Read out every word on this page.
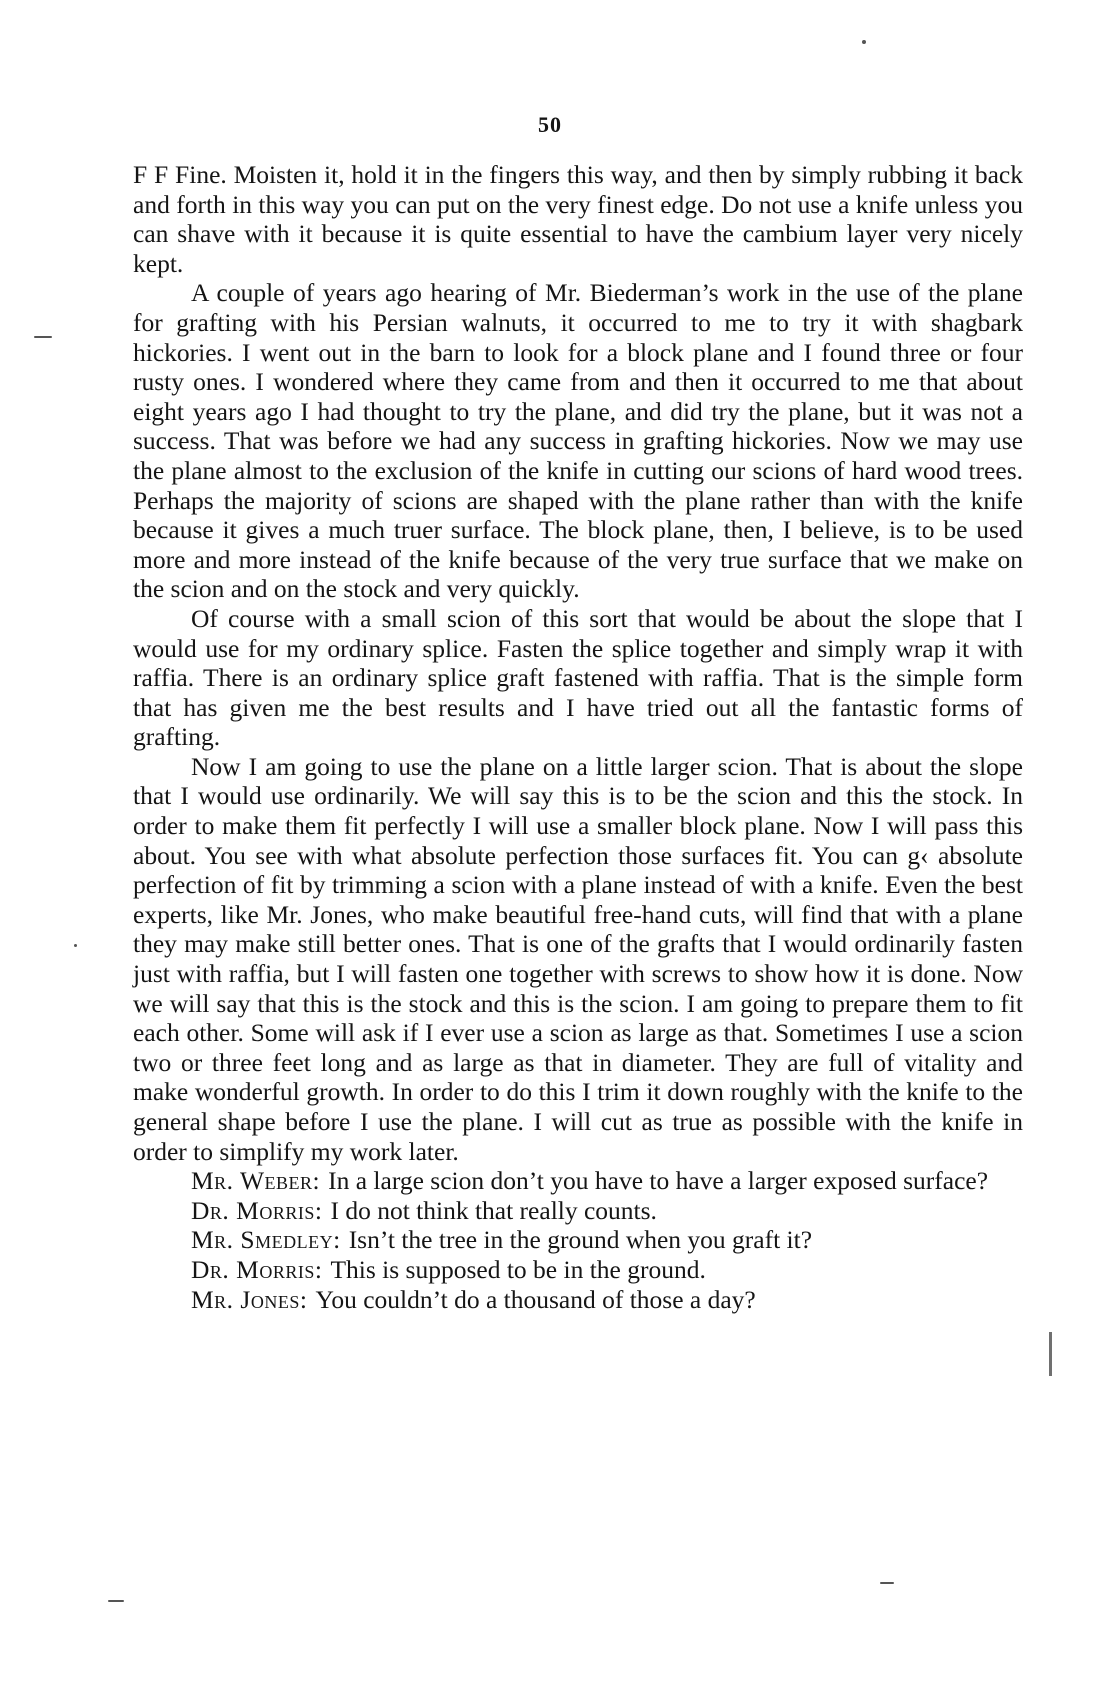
50

F F Fine. Moisten it, hold it in the fingers this way, and then by simply rubbing it back and forth in this way you can put on the very finest edge. Do not use a knife unless you can shave with it because it is quite essential to have the cambium layer very nicely kept.

A couple of years ago hearing of Mr. Biederman’s work in the use of the plane for grafting with his Persian walnuts, it occurred to me to try it with shagbark hickories. I went out in the barn to look for a block plane and I found three or four rusty ones. I wondered where they came from and then it occurred to me that about eight years ago I had thought to try the plane, and did try the plane, but it was not a success. That was before we had any success in grafting hickories. Now we may use the plane almost to the exclusion of the knife in cutting our scions of hard wood trees. Perhaps the majority of scions are shaped with the plane rather than with the knife because it gives a much truer surface. The block plane, then, I believe, is to be used more and more instead of the knife because of the very true surface that we make on the scion and on the stock and very quickly.

Of course with a small scion of this sort that would be about the slope that I would use for my ordinary splice. Fasten the splice together and simply wrap it with raffia. There is an ordinary splice graft fastened with raffia. That is the simple form that has given me the best results and I have tried out all the fantastic forms of grafting.

Now I am going to use the plane on a little larger scion. That is about the slope that I would use ordinarily. We will say this is to be the scion and this the stock. In order to make them fit perfectly I will use a smaller block plane. Now I will pass this about. You see with what absolute perfection those surfaces fit. You can g‹ absolute perfection of fit by trimming a scion with a plane instead of with a knife. Even the best experts, like Mr. Jones, who make beautiful free-hand cuts, will find that with a plane they may make still better ones. That is one of the grafts that I would ordinarily fasten just with raffia, but I will fasten one together with screws to show how it is done. Now we will say that this is the stock and this is the scion. I am going to prepare them to fit each other. Some will ask if I ever use a scion as large as that. Sometimes I use a scion two or three feet long and as large as that in diameter. They are full of vitality and make wonderful growth. In order to do this I trim it down roughly with the knife to the general shape before I use the plane. I will cut as true as possible with the knife in order to simplify my work later.

Mr. Weber: In a large scion don’t you have to have a larger exposed surface?

Dr. Morris: I do not think that really counts.

Mr. Smedley: Isn’t the tree in the ground when you graft it?

Dr. Morris: This is supposed to be in the ground.

Mr. Jones: You couldn’t do a thousand of those a day?
